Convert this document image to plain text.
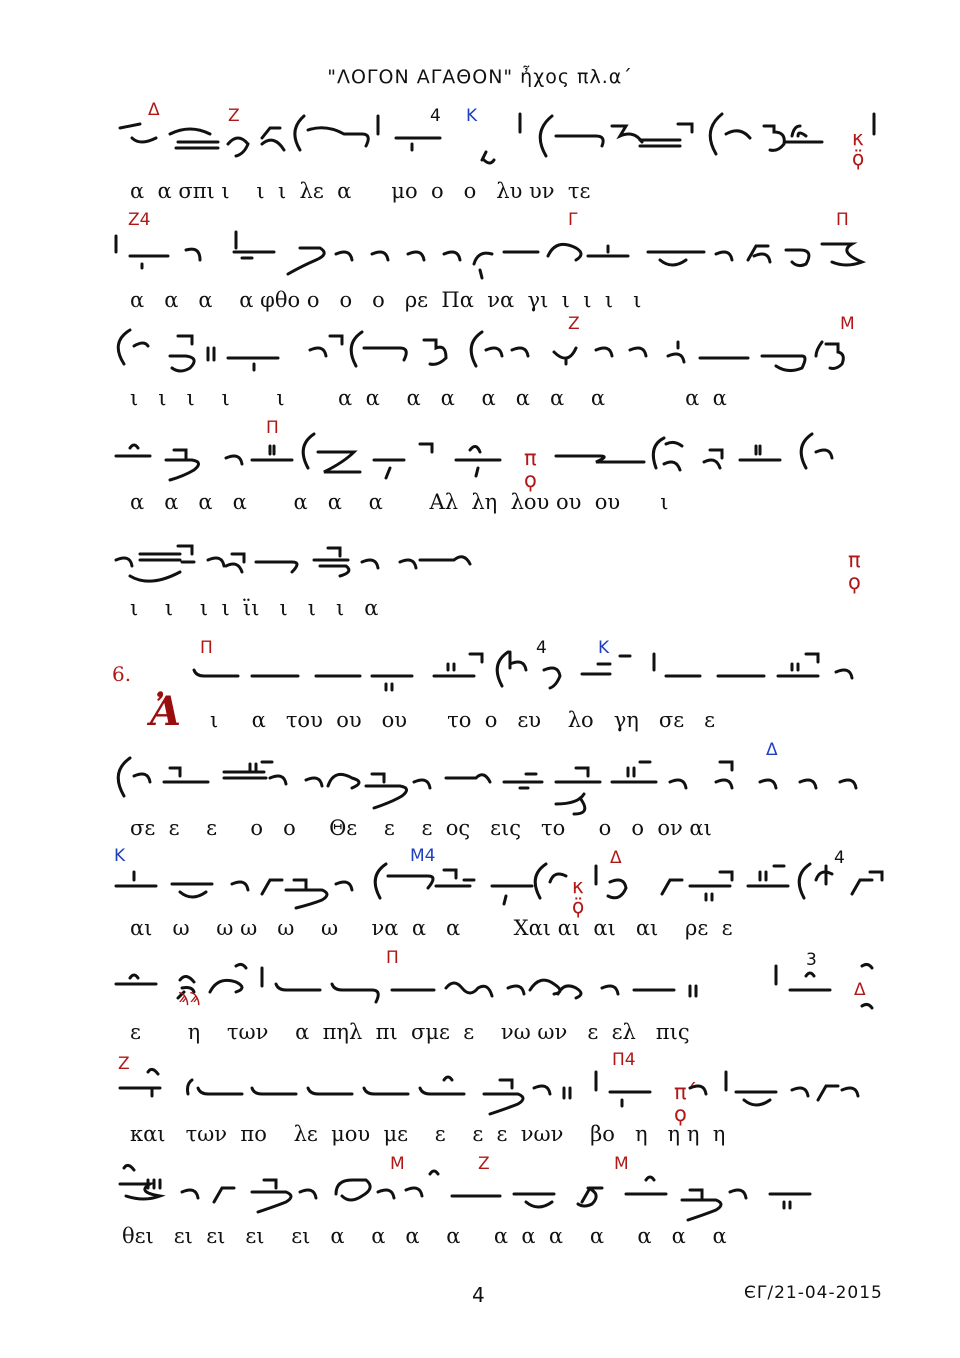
"ΛΟΓΟΝ ΑΓΑΘΟΝ" ἦχος πλ.α΄
Δ	Ζ	4 Κ
κ
ϙ̈
α  α σπι ι    ι  ι  λε  α      μο  ο   ο   λυ υν  τε
Ζ4	Γ	Π
α   α   α    α φθο ο   ο   ο   ρε  Πα  να  γι  ι  ι  ι   ι
Ζ	Μ
ι   ι   ι    ι       ι        α  α    α   α    α   α   α    α            α  α
Π
π
ϙ
α   α   α   α       α   α    α       Αλ  λη  λου ου  ου      ι
π
ϙ
ι    ι    ι  ι  ϊι   ι   ι   ι   α
6.
Ἀ
Π	4	Κ
ι     α   του  ου   ου      το  ο   ευ    λο   γη   σε   ε
Δ
σε  ε    ε     ο   ο     Θε    ε    ε  ος   εις   το     ο   ο  ον αι
Κ	Μ4	Δ	4
κ
ϙ̈
αι   ω    ω ω   ω    ω     να  α   α        Χαι αι  αι   αι    ρε  ε
Π	3
Δ
ϡϡ
ε       η    των    α  πηλ  πι  σμε  ε    νω ων   ε  ελ   πις
Ζ	Π4
π´
ϙ
και   των  πο    λε  μου  με    ε    ε  ε  νων    βο   η   η η  η
Μ	Ζ	Μ
θει   ει  ει   ει    ει   α    α   α    α     α  α  α    α     α   α    α
4	ЄΓ/21-04-2015
